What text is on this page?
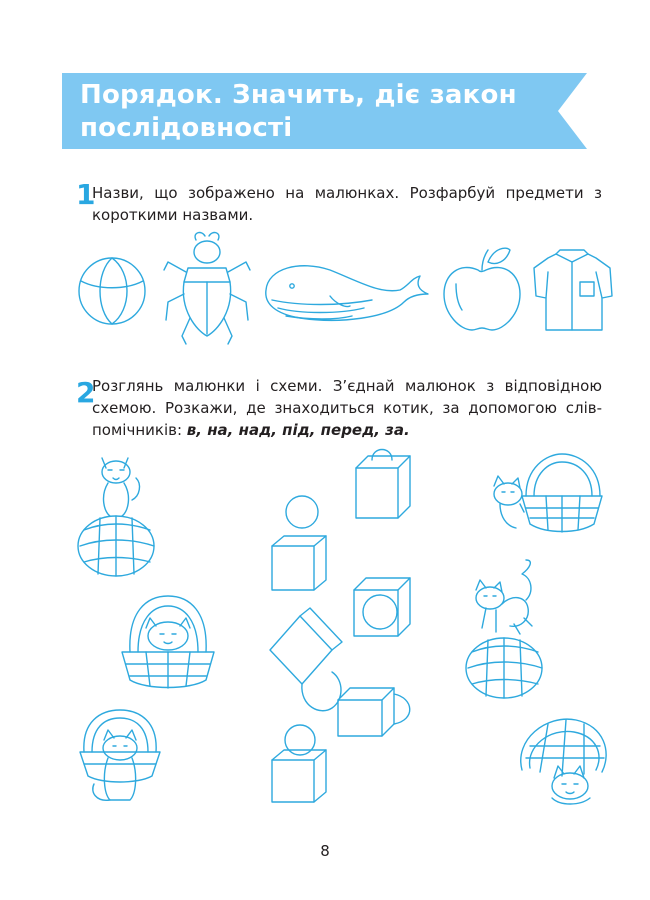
Порядок. Значить, діє закон послідовності
1

Назви, що зображено на малюнках. Розфарбуй предмети з короткими назвами.

2

Розглянь малюнки і схеми. З’єднай малюнок з відповідною схемою. Розкажи, де знаходиться котик, за допомогою слів-помічників: в, на, над, під, перед, за.

8
